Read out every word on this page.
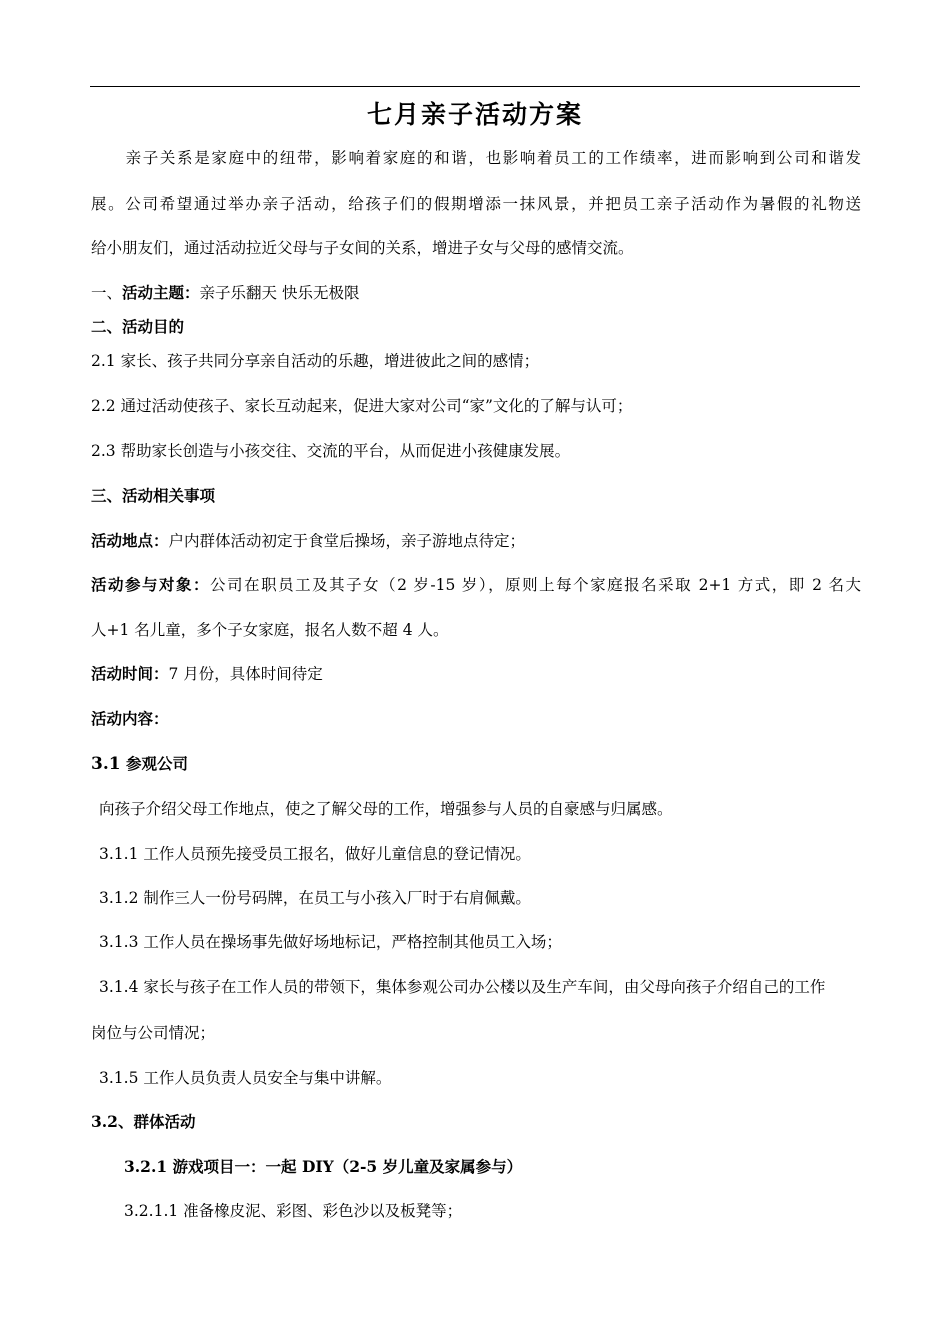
七月亲子活动方案
亲子关系是家庭中的纽带，影响着家庭的和谐，也影响着员工的工作绩率，进而影响到公司和谐发
展。公司希望通过举办亲子活动，给孩子们的假期增添一抹风景，并把员工亲子活动作为暑假的礼物送
给小朋友们，通过活动拉近父母与子女间的关系，增进子女与父母的感情交流。
一、活动主题：亲子乐翻天 快乐无极限
二、活动目的
2.1 家长、孩子共同分享亲自活动的乐趣，增进彼此之间的感情；
2.2 通过活动使孩子、家长互动起来，促进大家对公司“家”文化的了解与认可；
2.3 帮助家长创造与小孩交往、交流的平台，从而促进小孩健康发展。
三、活动相关事项
活动地点：户内群体活动初定于食堂后操场，亲子游地点待定；
活动参与对象：公司在职员工及其子女（2 岁-15 岁），原则上每个家庭报名采取 2+1 方式，即 2 名大
人+1 名儿童，多个子女家庭，报名人数不超 4 人。
活动时间：7 月份，具体时间待定
活动内容：
3.1 参观公司
向孩子介绍父母工作地点，使之了解父母的工作，增强参与人员的自豪感与归属感。
3.1.1 工作人员预先接受员工报名，做好儿童信息的登记情况。
3.1.2 制作三人一份号码牌，在员工与小孩入厂时于右肩佩戴。
3.1.3 工作人员在操场事先做好场地标记，严格控制其他员工入场；
3.1.4 家长与孩子在工作人员的带领下，集体参观公司办公楼以及生产车间，由父母向孩子介绍自己的工作
岗位与公司情况；
3.1.5 工作人员负责人员安全与集中讲解。
3.2、群体活动
3.2.1 游戏项目一：一起 DIY（2-5 岁儿童及家属参与）
3.2.1.1 准备橡皮泥、彩图、彩色沙以及板凳等；
